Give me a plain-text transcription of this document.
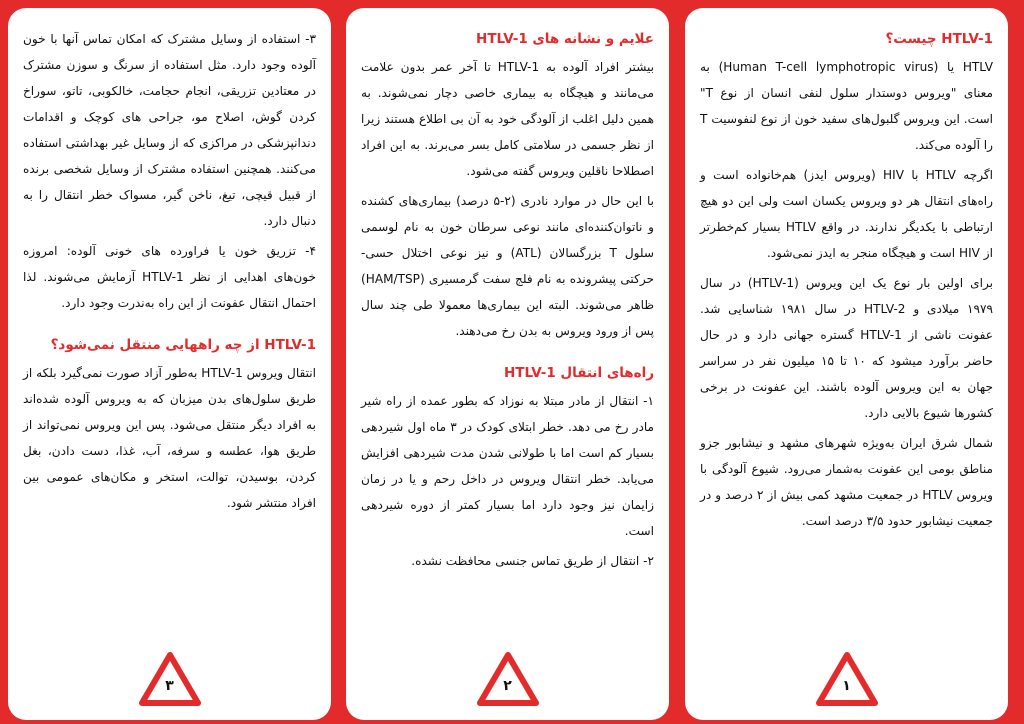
HTLV-1 چیست؟

HTLV یا (Human T-cell lymphotropic virus) به معنای "ویروس دوستدار سلول لنفی انسان از نوع T" است. این ویروس گلبول‌های سفید خون از نوع لنفوسیت T را آلوده می‌کند.

اگرچه HTLV با HIV (ویروس ایدز) هم‌خانواده است و راه‌های انتقال هر دو ویروس یکسان است ولی این دو هیچ ارتباطی با یکدیگر ندارند. در واقع HTLV بسیار کم‌خطرتر از HIV است و هیچگاه منجر به ایدز نمی‌شود.

برای اولین بار نوع یک این ویروس (HTLV-1) در سال ۱۹۷۹ میلادی و HTLV-2 در سال ۱۹۸۱ شناسایی شد. عفونت ناشی از HTLV-1 گستره جهانی دارد و در حال حاضر برآورد میشود که ۱۰ تا ۱۵ میلیون نفر در سراسر جهان به این ویروس آلوده باشند. این عفونت در برخی کشورها شیوع بالایی دارد.

شمال شرق ایران به‌ویژه شهرهای مشهد و نیشابور جزو مناطق بومی این عفونت به‌شمار می‌رود. شیوع آلودگی با ویروس HTLV در جمعیت مشهد کمی بیش از ۲ درصد و در جمعیت نیشابور حدود ۳/۵ درصد است.

۱
علایم و نشانه های HTLV-1

بیشتر افراد آلوده به HTLV-1 تا آخر عمر بدون علامت می‌مانند و هیچگاه به بیماری خاصی دچار نمی‌شوند. به همین دلیل اغلب از آلودگی خود به آن بی اطلاع هستند زیرا از نظر جسمی در سلامتی کامل بسر می‌برند. به این افراد اصطلاحا ناقلین ویروس گفته می‌شود.

با این حال در موارد نادری (۲-۵ درصد) بیماری‌های کشنده و ناتوان‌کننده‌ای مانند نوعی سرطان خون به نام لوسمی سلول T بزرگسالان (ATL) و نیز نوعی اختلال حسی- حرکتی پیشرونده به نام فلج سفت گرمسیری (HAM/TSP) ظاهر می‌شوند. البته این بیماری‌ها معمولا طی چند سال پس از ورود ویروس به بدن رخ می‌دهند.

راه‌های انتقال HTLV-1

۱- انتقال از مادر مبتلا به نوزاد که بطور عمده از راه شیر مادر رخ می دهد. خطر ابتلای کودک در ۳ ماه اول شیردهی بسیار کم است اما با طولانی شدن مدت شیردهی افزایش می‌یابد. خطر انتقال ویروس در داخل رحم و یا در زمان زایمان نیز وجود دارد اما بسیار کمتر از دوره شیردهی است.

۲- انتقال از طریق تماس جنسی محافظت نشده.

۲

۳- استفاده از وسایل مشترک که امکان تماس آنها با خون آلوده وجود دارد. مثل استفاده از سرنگ و سوزن مشترک در معتادین تزریقی، انجام حجامت، خالکوبی، تاتو، سوراخ کردن گوش، اصلاح مو، جراحی های کوچک و اقدامات دندانپزشکی در مراکزی که از وسایل غیر بهداشتی استفاده می‌کنند. همچنین استفاده مشترک از وسایل شخصی برنده از قبیل قیچی، تیغ، ناخن گیر، مسواک خطر انتقال را به دنبال دارد.

۴- تزریق خون یا فراورده های خونی آلوده: امروزه خون‌های اهدایی از نظر HTLV-1 آزمایش می‌شوند. لذا احتمال انتقال عفونت از این راه به‌ندرت وجود دارد.

HTLV-1 از چه راههایی منتقل نمی‌شود؟

انتقال ویروس HTLV-1 به‌طور آزاد صورت نمی‌گیرد بلکه از طریق سلول‌های بدن میزبان که به ویروس آلوده شده‌اند به افراد دیگر منتقل می‌شود. پس این ویروس نمی‌تواند از طریق هوا، عطسه و سرفه، آب، غذا، دست دادن، بغل کردن، بوسیدن، توالت، استخر و مکان‌های عمومی بین افراد منتشر شود.

۳
